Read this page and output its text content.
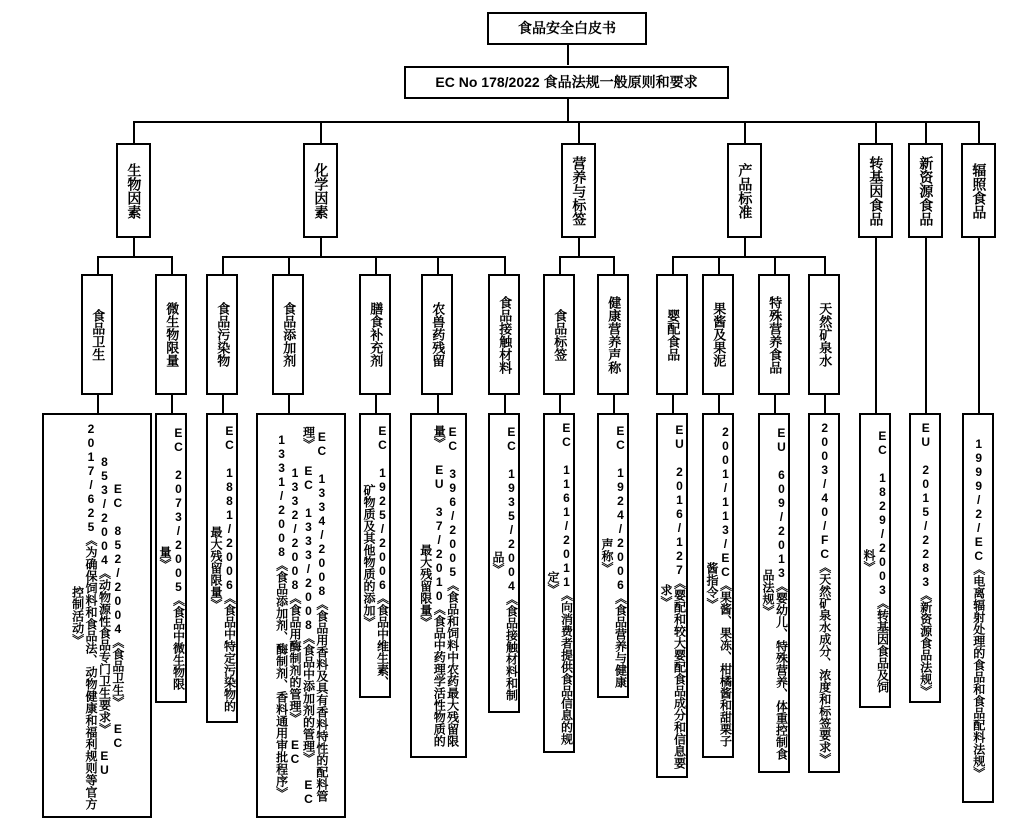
食品安全白皮书
EC No 178/2022 食品法规一般原则和要求
生物因素	化学因素	营养与标签	产品标准	转基因食品 新资源食品	辐照食品
食品卫生	微生物限量	食品污染物	食品添加剂	膳食补充剂	农兽药残留	食品接触材料	食品标签	健康营养声称	婴配食品 果酱及果泥	特殊营养食品	天然矿泉水
EC 852/2004《食品卫生》 EC 853/2004《动物源性食品专门卫生要求》 EU 2017/625《为确保饲料和食品法、动物健康和福利规则等官方控制活动》	EC 2073/2005《食品中微生物限量》	EC 1881/2006《食品中特定污染物的最大残留限量》	EC 1334/2008《食品用香料及具有香料特性的配料管理》 EC 1333/2008《食品中添加剂的管理》 EC 1332/2008《食品用酶制剂的管理》 EC 1331/2008《食品添加剂、酶制剂、香料通用审批程序》	EC 1925/2006《食品中维生素、矿物质及其他物质的添加》	EC 396/2005《食品和饲料中农药最大残留限量》 EU 37/2010《食品中药理学活性物质的最大残留限量》	EC 1935/2004《食品接触材料和制品》	EC 1161/2011《向消费者提供食品信息的规定》	EC 1924/2006《食品营养与健康声称》	EU 2016/127《婴配和较大婴配食品成分和信息要求》	2001/113/EC《果酱、果冻、柑橘酱和甜栗子酱指令》	EU 609/2013《婴幼儿、特殊营养、体重控制食品法规》	2003/40/FC《天然矿泉水成分、浓度和标签要求》	EC 1829/2003《转基因食品及饲料》	EU 2015/2283《新资源食品法规》	1999/2/EC《电离辐射处理的食品和食品配料法规》
